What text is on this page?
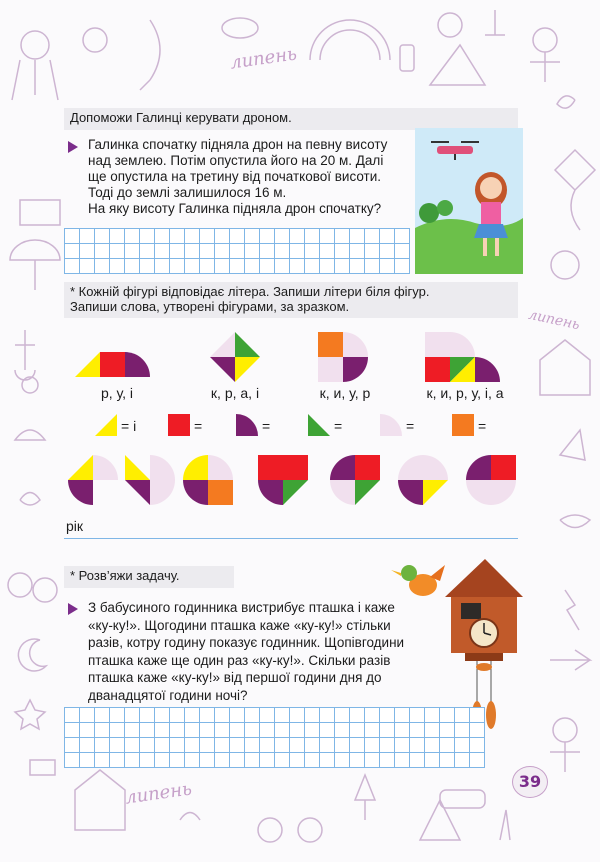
липень
липень
липень
Допоможи Галинці керувати дроном.
Галинка спочатку підняла дрон на певну висоту
над землею. Потім опустила його на 20 м. Далі
ще опустила на третину від початкової висоти.
Тоді до землі залишилося 16 м.
На яку висоту Галинка підняла дрон спочатку?
* Кожній фігурі відповідає літера. Запиши літери біля фігур.
Запиши слова, утворені фігурами, за зразком.
р, у, і	к, р, а, і	к, и, у, р	к, и, р, у, і, а
= і	=	=	=	=	=
рік
* Розв’яжи задачу.
З бабусиного годинника вистрибує пташка і каже
«ку-ку!». Щогодини пташка каже «ку-ку!» стільки
разів, котру годину показує годинник. Щопівгодини
пташка каже ще один раз «ку-ку!». Скільки разів
пташка каже «ку-ку!» від першої години дня до
дванадцятої години ночі?
39
